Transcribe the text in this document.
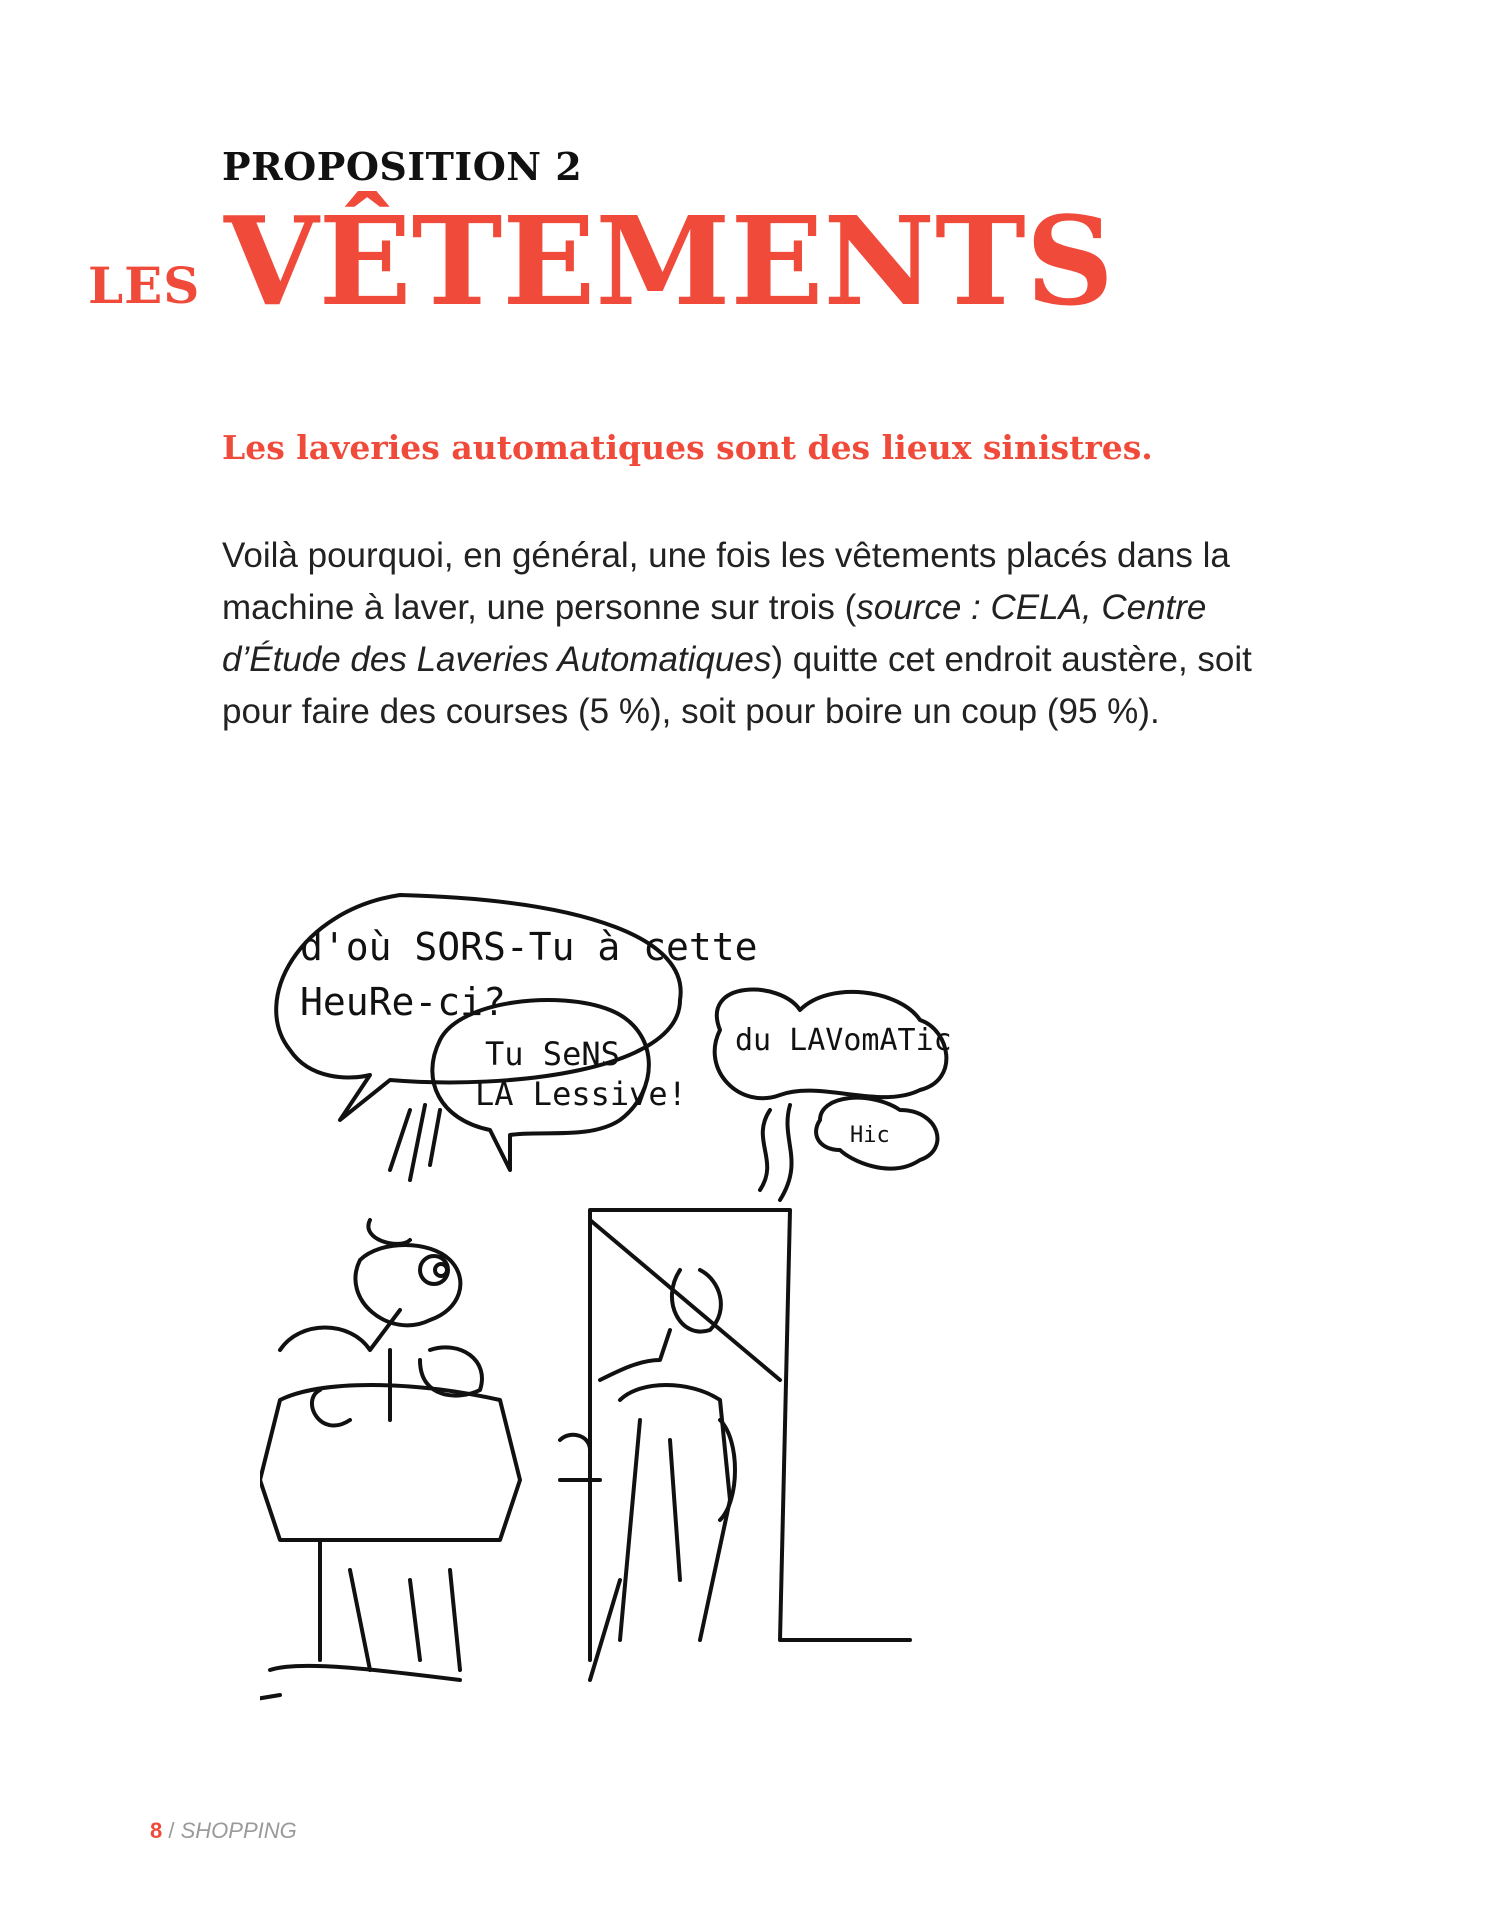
PROPOSITION 2
LES VÊTEMENTS
Les laveries automatiques sont des lieux sinistres.
Voilà pourquoi, en général, une fois les vêtements placés dans la machine à laver, une personne sur trois (source : CELA, Centre d’Étude des Laveries Automatiques) quitte cet endroit austère, soit pour faire des courses (5 %), soit pour boire un coup (95 %).
d'où SORS-Tu à cette
HeuRe-ci?
Tu SeNS
LA Lessive!
du LAVomATic
Hic
8 / SHOPPING
